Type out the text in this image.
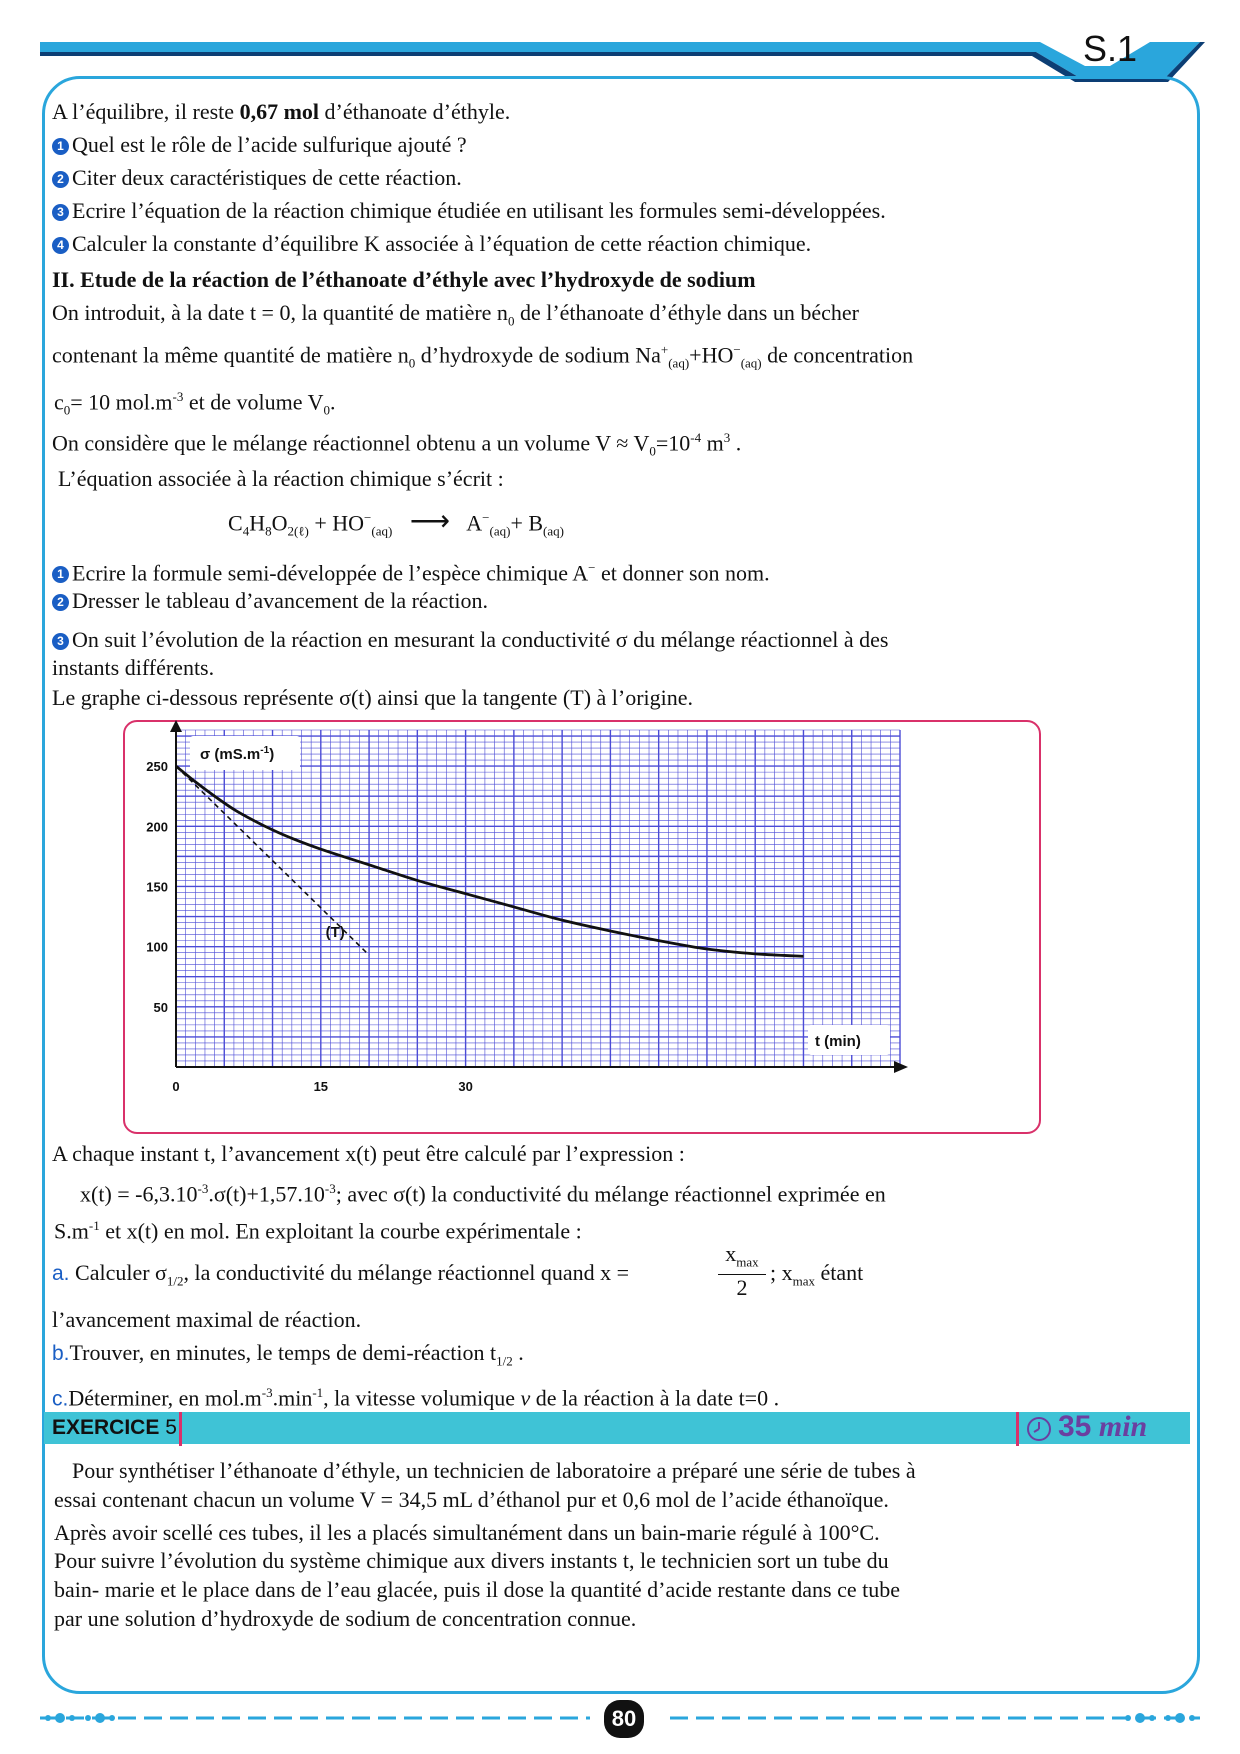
S.1
A l’équilibre, il reste 0,67 mol d’éthanoate d’éthyle.
1 Quel est le rôle de l’acide sulfurique ajouté ?
2 Citer deux caractéristiques de cette réaction.
3 Ecrire l’équation de la réaction chimique étudiée en utilisant les formules semi-développées.
4 Calculer la constante d’équilibre K associée à l’équation de cette réaction chimique.
II. Etude de la réaction de l’éthanoate d’éthyle avec l’hydroxyde de sodium
On introduit, à la date t = 0, la quantité de matière $n_0$ de l’éthanoate d’éthyle dans un bécher
contenant la même quantité de matière $n_0$ d’hydroxyde de sodium $Na^+_{(aq)}+HO^-_{(aq)}$ de concentration
$c_0= 10$ $mol.m^{-3}$ et de volume $V_0$.
On considère que le mélange réactionnel obtenu a un volume $V \approx V_0=10^{-4}$ $m^3$ .
L’équation associée à la réaction chimique s’écrit :
$C_4H_8O_{2(\ell)} + HO^-_{(aq)}$ ⟶ $A^-_{(aq)}+ B_{(aq)}$
1 Ecrire la formule semi-développée de l’espèce chimique A− et donner son nom.
2 Dresser le tableau d’avancement de la réaction.
3 On suit l’évolution de la réaction en mesurant la conductivité σ du mélange réactionnel à des
instants différents.
Le graphe ci-dessous représente σ(t) ainsi que la tangente (T) à l’origine.
σ $(mS.m^{-1})$
t (min)
50
100
150
200
250
0	15	30
(T)
A chaque instant t, l’avancement x(t) peut être calculé par l’expression :
$x(t) = -6,3.10^{-3}.\sigma(t)+1,57.10^{-3}$; avec σ(t) la conductivité du mélange réactionnel exprimée en
$S.m^{-1}$ et x(t) en mol. En exploitant la courbe expérimentale :
a. Calculer $\sigma_{1/2}$, la conductivité du mélange réactionnel quand x =
$x_{max}$
2
; $x_{max}$ étant
l’avancement maximal de réaction.
b.Trouver, en minutes, le temps de demi-réaction $t_{1/2}$ .
c.Déterminer, en $mol.m^{-3}.\min^{-1}$, la vitesse volumique v de la réaction à la date t=0 .
EXERCICE 5	35 min
Pour synthétiser l’éthanoate d’éthyle, un technicien de laboratoire a préparé une série de tubes à
essai contenant chacun un volume V = 34,5 mL d’éthanol pur et 0,6 mol de l’acide éthanoïque.
Après avoir scellé ces tubes, il les a placés simultanément dans un bain-marie régulé à 100°C.
Pour suivre l’évolution du système chimique aux divers instants t, le technicien sort un tube du
bain- marie et le place dans de l’eau glacée, puis il dose la quantité d’acide restante dans ce tube
par une solution d’hydroxyde de sodium de concentration connue.
80
